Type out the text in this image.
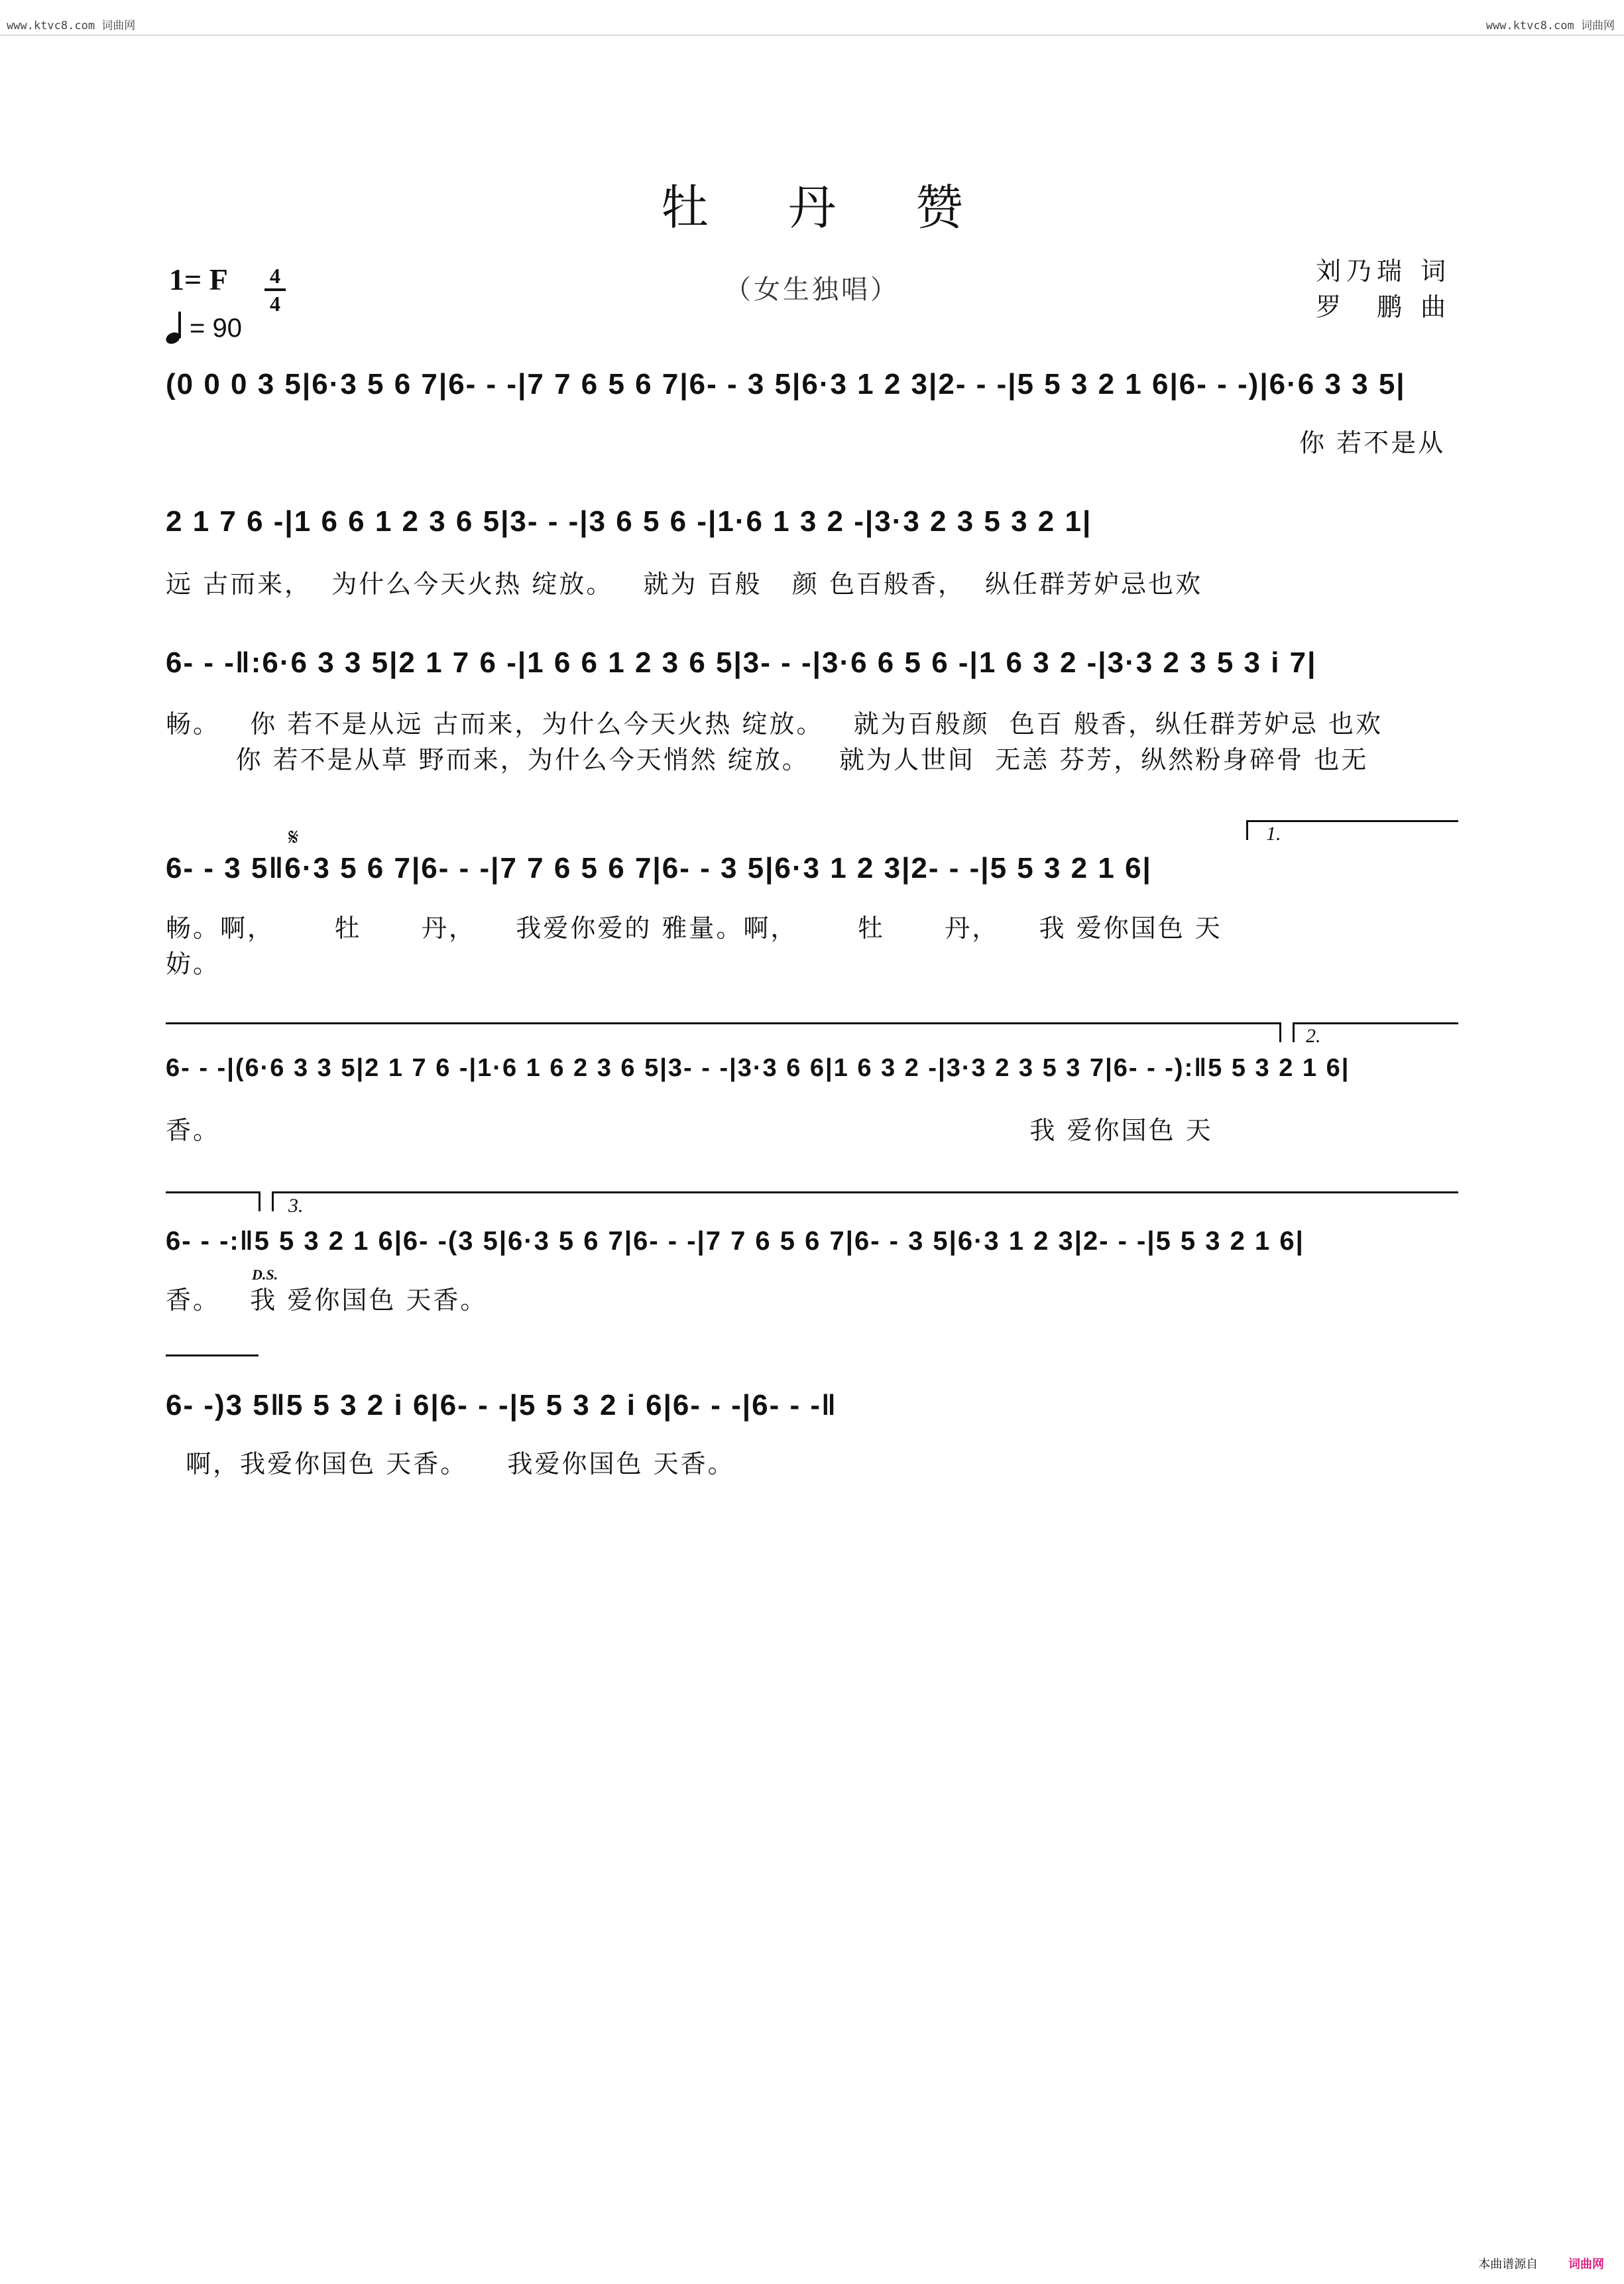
www.ktvc8.com 词曲网	www.ktvc8.com 词曲网
牡丹赞
1= F	4
4
= 90
（女生独唱）
刘乃瑞 词
罗　鹏 曲
(0 0 0 3 5|6·3 5 6 7|6- - -|7 7 6 5 6 7|6- - 3 5|6·3 1 2 3|2- - -|5 5 3 2 1 6|6- - -)|6·6 3 3 5|
你 若不是从
2 1 7 6 -|1 6 6 1 2 3 6 5|3- - -|3 6 5 6 -|1·6 1 3 2 -|3·3 2 3 5 3 2 1|
远 古而来，  为什么今天火热 绽放。   就为 百般   颜 色百般香，  纵任群芳妒忌也欢
6- - -‖:6·6 3 3 5|2 1 7 6 -|1 6 6 1 2 3 6 5|3- - -|3·6 6 5 6 -|1 6 3 2 -|3·3 2 3 5 3 i 7|
畅。   你 若不是从远 古而来，为什么今天火热 绽放。   就为百般颜  色百 般香，纵任群芳妒忌 也欢
你 若不是从草 野而来，为什么今天悄然 绽放。   就为人世间  无恙 芬芳，纵然粉身碎骨 也无
𝄋	1.
6- - 3 5‖6·3 5 6 7|6- - -|7 7 6 5 6 7|6- - 3 5|6·3 1 2 3|2- - -|5 5 3 2 1 6|
畅。啊，      牡      丹，    我爱你爱的 雅量。啊，      牡      丹，    我 爱你国色 天
妨。
2.
6- - -|(6·6 3 3 5|2 1 7 6 -|1·6 1 6 2 3 6 5|3- - -|3·3 6 6|1 6 3 2 -|3·3 2 3 5 3 7|6- - -):‖5 5 3 2 1 6|
香。                                                                                 我 爱你国色 天
3.
D.S.
6- - -:‖5 5 3 2 1 6|6- -(3 5|6·3 5 6 7|6- - -|7 7 6 5 6 7|6- - 3 5|6·3 1 2 3|2- - -|5 5 3 2 1 6|
香。   我 爱你国色 天香。
6- -)3 5‖5 5 3 2 i 6|6- - -|5 5 3 2 i 6|6- - -|6- - -‖
啊，我爱你国色 天香。    我爱你国色 天香。
本曲谱源自	词曲网
